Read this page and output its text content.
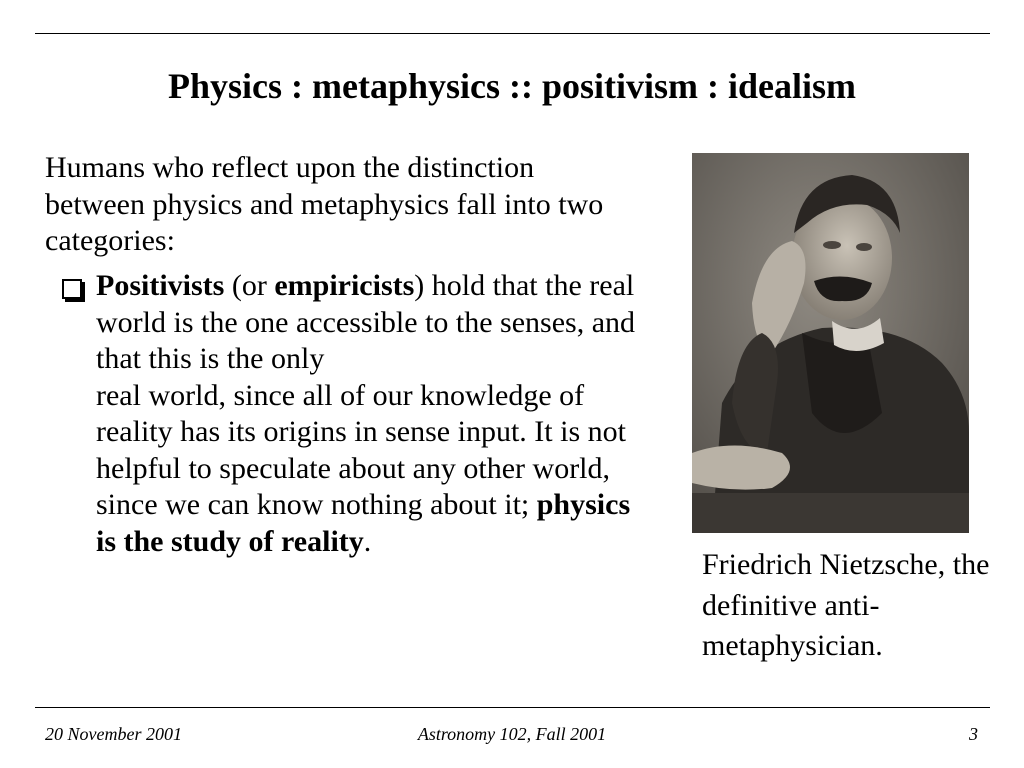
Physics : metaphysics :: positivism : idealism

Humans who reflect upon the distinction between physics and metaphysics fall into two categories:

Positivists (or empiricists) hold that the real world is the one accessible to the senses, and that this is the only
real world, since all of our knowledge of reality has its origins in sense input. It is not helpful to speculate about any other world, since we can know nothing about it; physics is the study of reality.

Friedrich Nietzsche, the definitive anti-metaphysician.

20 November 2001	Astronomy 102, Fall 2001	3
